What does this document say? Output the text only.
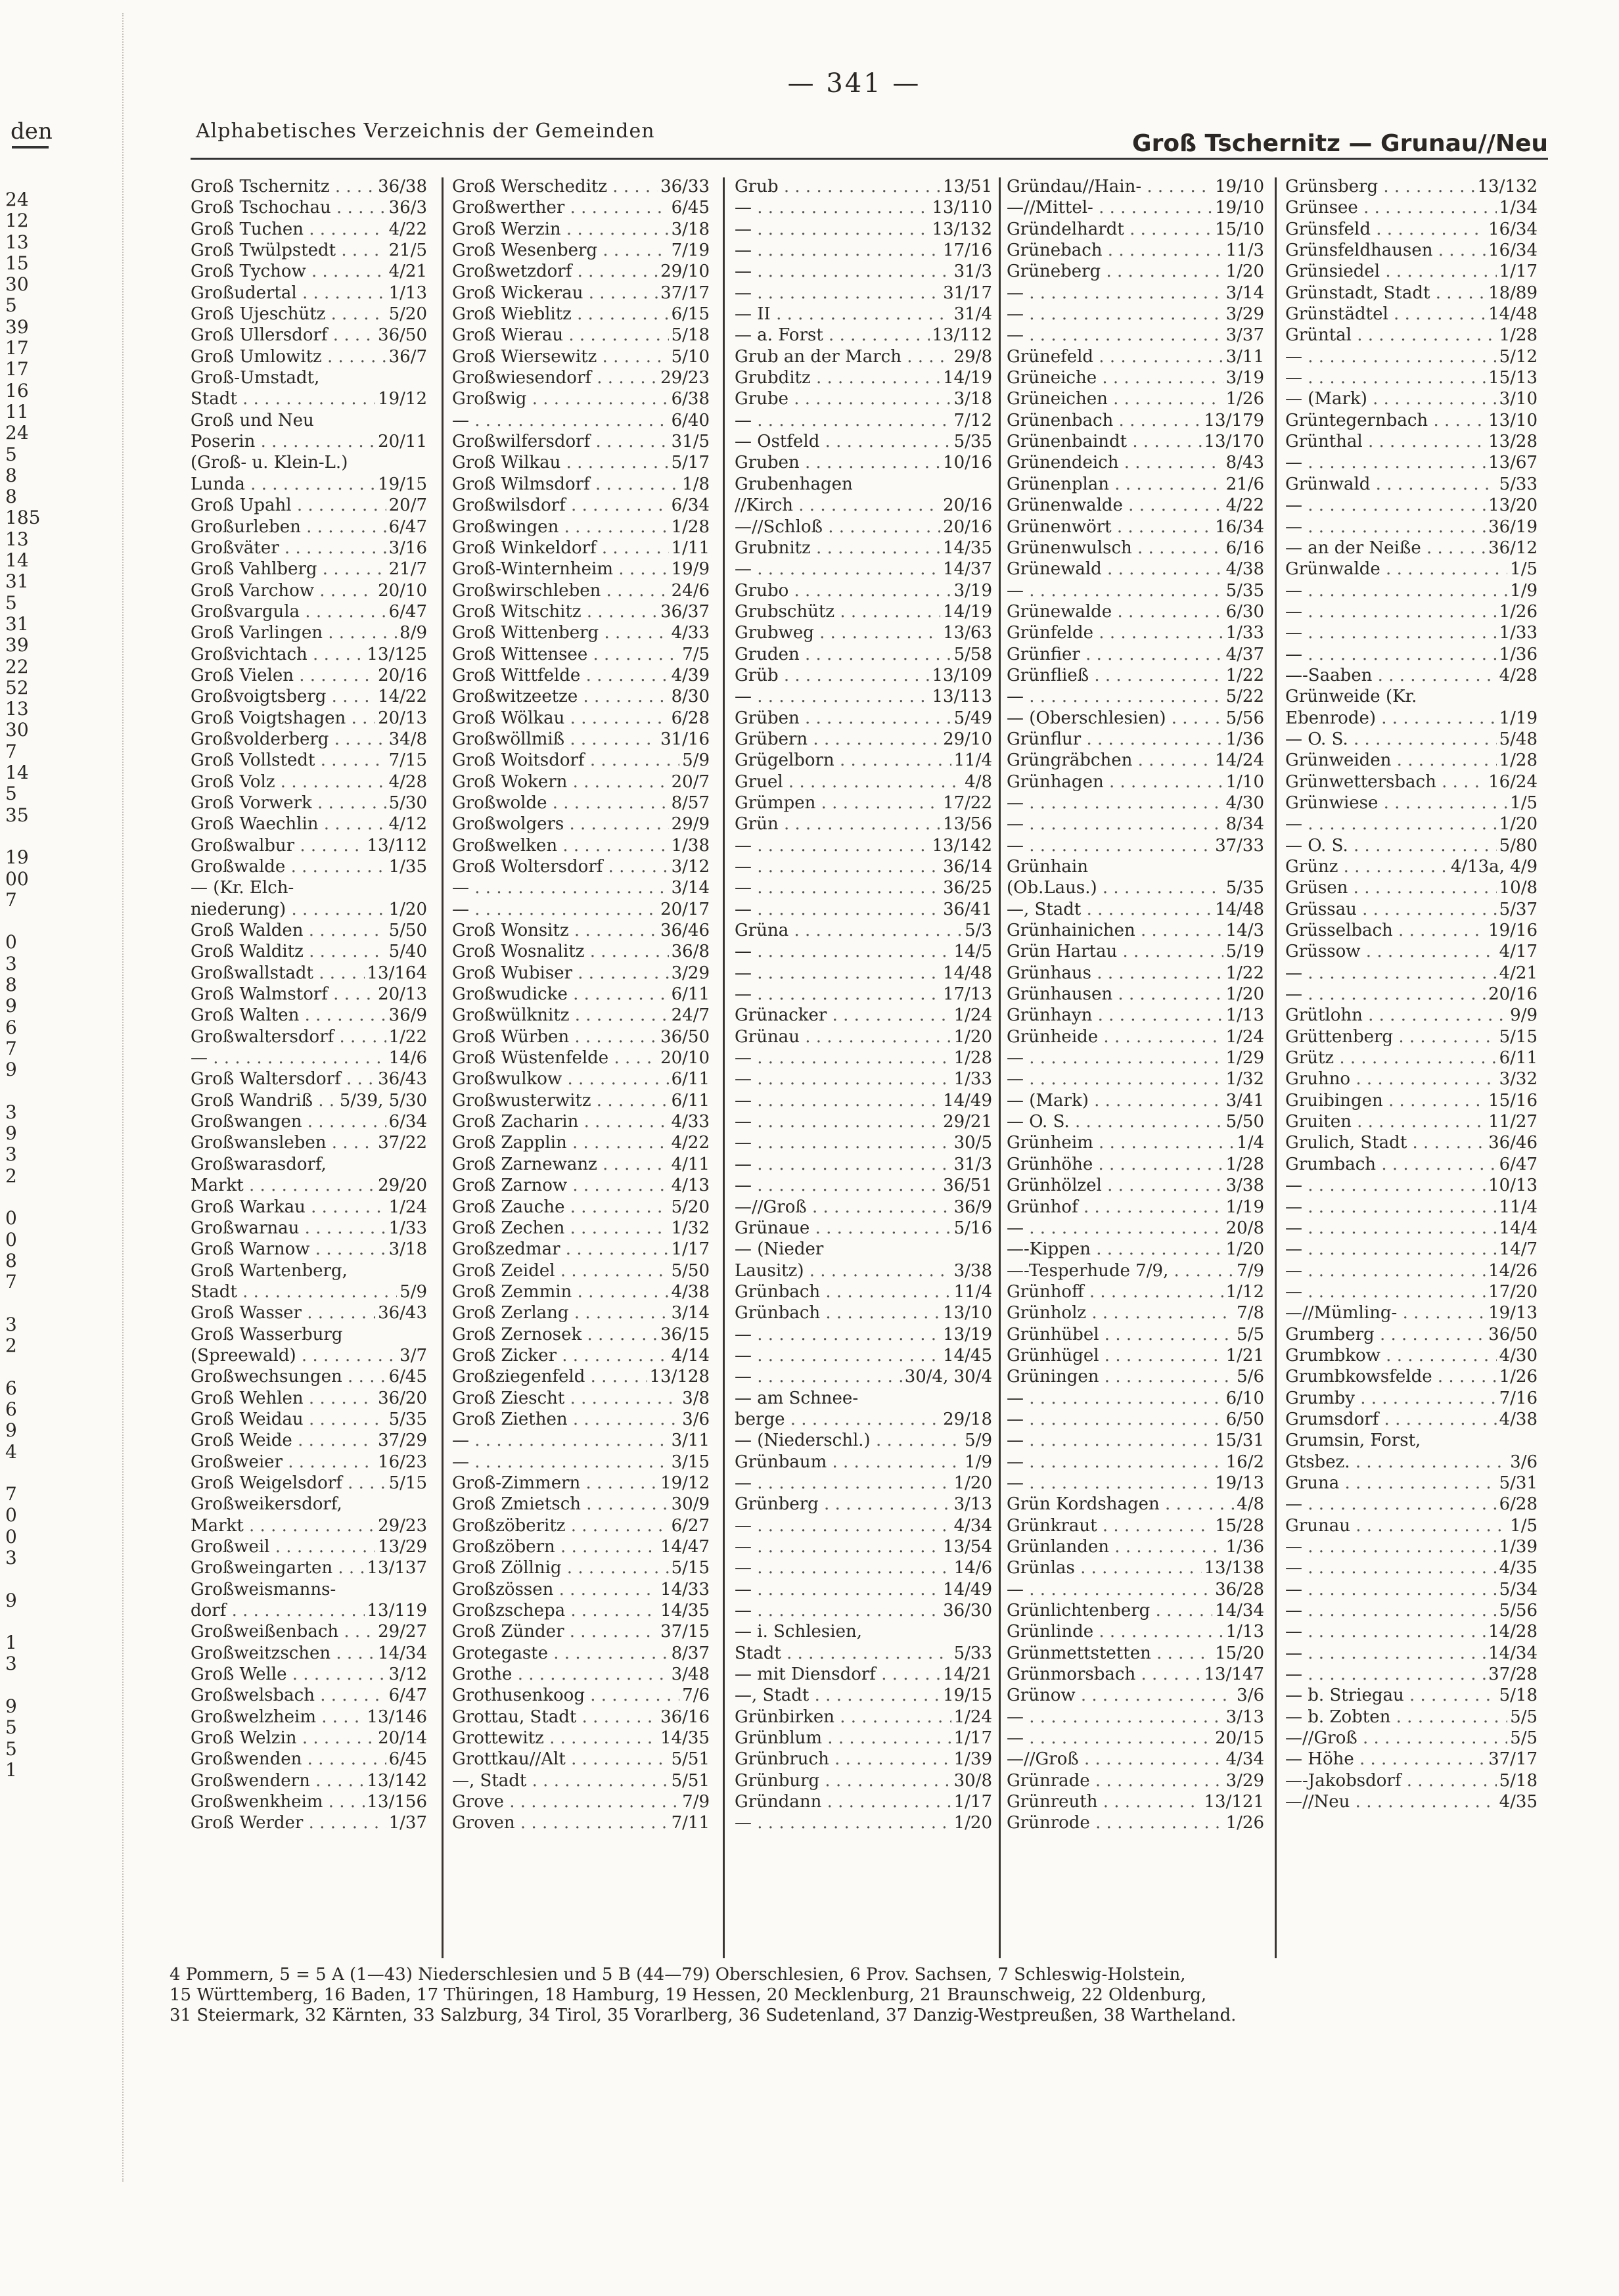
den
24
12
13
15
30
5
39
17
17
16
11
24
5
8
8
185
13
14
31
5
31
39
22
52
13
30
7
14
5
35
19
00
7
0
3
8
9
6
7
9
3
9
3
2
0
0
8
7
3
2
6
6
9
4
7
0
0
3
9
1
3
9
5
5
1
— 341 —
Alphabetisches Verzeichnis der Gemeinden	Groß Tschernitz — Grunau//Neu
Groß Tschernitz . . .	36/38
Groß Tschochau . . .	36/3
Groß Tuchen . . .	4/22
Groß Twülpstedt . . .	21/5
Groß Tychow . . .	4/21
Großudertal . . .	1/13
Groß Ujeschütz . . .	5/20
Groß Ullersdorf . . .	36/50
Groß Umlowitz . . .	36/7
Groß-Umstadt,
Stadt . . .	19/12
Groß und Neu
Poserin . . .	20/11
(Groß- u. Klein-L.)
Lunda . . .	19/15
Groß Upahl . . .	20/7
Großurleben . . .	6/47
Großväter . . .	3/16
Groß Vahlberg . . .	21/7
Groß Varchow . . .	20/10
Großvargula . . .	6/47
Groß Varlingen . . .	8/9
Großvichtach . . .	13/125
Groß Vielen . . .	20/16
Großvoigtsberg . . .	14/22
Groß Voigtshagen . . .	20/13
Großvolderberg . . .	34/8
Groß Vollstedt . . .	7/15
Groß Volz . . .	4/28
Groß Vorwerk . . .	5/30
Groß Waechlin . . .	4/12
Großwalbur . . .	13/112
Großwalde . . .	1/35
— (Kr. Elch-
niederung) . . .	1/20
Groß Walden . . .	5/50
Groß Walditz . . .	5/40
Großwallstadt . . .	13/164
Groß Walmstorf . . .	20/13
Groß Walten . . .	36/9
Großwaltersdorf . . .	1/22
— . . .	14/6
Groß Waltersdorf . . .	36/43
Groß Wandriß . . .	5/39, 5/30
Großwangen . . .	6/34
Großwansleben . . .	37/22
Großwarasdorf,
Markt . . .	29/20
Groß Warkau . . .	1/24
Großwarnau . . .	1/33
Groß Warnow . . .	3/18
Groß Wartenberg,
Stadt . . .	5/9
Groß Wasser . . .	36/43
Groß Wasserburg
(Spreewald) . . .	3/7
Großwechsungen . . .	6/45
Groß Wehlen . . .	36/20
Groß Weidau . . .	5/35
Groß Weide . . .	37/29
Großweier . . .	16/23
Groß Weigelsdorf . . .	5/15
Großweikersdorf,
Markt . . .	29/23
Großweil . . .	13/29
Großweingarten . . .	13/137
Großweismanns-
dorf . . .	13/119
Großweißenbach . . .	29/27
Großweitzschen . . .	14/34
Groß Welle . . .	3/12
Großwelsbach . . .	6/47
Großwelzheim . . .	13/146
Groß Welzin . . .	20/14
Großwenden . . .	6/45
Großwendern . . .	13/142
Großwenkheim . . .	13/156
Groß Werder . . .	1/37
Groß Werscheditz . . .	36/33
Großwerther . . .	6/45
Groß Werzin . . .	3/18
Groß Wesenberg . . .	7/19
Großwetzdorf . . .	29/10
Groß Wickerau . . .	37/17
Groß Wieblitz . . .	6/15
Groß Wierau . . .	5/18
Groß Wiersewitz . . .	5/10
Großwiesendorf . . .	29/23
Großwig . . .	6/38
— . . .	6/40
Großwilfersdorf . . .	31/5
Groß Wilkau . . .	5/17
Groß Wilmsdorf . . .	1/8
Großwilsdorf . . .	6/34
Großwingen . . .	1/28
Groß Winkeldorf . . .	1/11
Groß-Winternheim . . .	19/9
Großwirschleben . . .	24/6
Groß Witschitz . . .	36/37
Groß Wittenberg . . .	4/33
Groß Wittensee . . .	7/5
Groß Wittfelde . . .	4/39
Großwitzeetze . . .	8/30
Groß Wölkau . . .	6/28
Großwöllmiß . . .	31/16
Groß Woitsdorf . . .	5/9
Groß Wokern . . .	20/7
Großwolde . . .	8/57
Großwolgers . . .	29/9
Großwelken . . .	1/38
Groß Woltersdorf . . .	3/12
— . . .	3/14
— . . .	20/17
Groß Wonsitz . . .	36/46
Groß Wosnalitz . . .	36/8
Groß Wubiser . . .	3/29
Großwudicke . . .	6/11
Großwülknitz . . .	24/7
Groß Würben . . .	36/50
Groß Wüstenfelde . . .	20/10
Großwulkow . . .	6/11
Großwusterwitz . . .	6/11
Groß Zacharin . . .	4/33
Groß Zapplin . . .	4/22
Groß Zarnewanz . . .	4/11
Groß Zarnow . . .	4/13
Groß Zauche . . .	5/20
Groß Zechen . . .	1/32
Großzedmar . . .	1/17
Groß Zeidel . . .	5/50
Groß Zemmin . . .	4/38
Groß Zerlang . . .	3/14
Groß Zernosek . . .	36/15
Groß Zicker . . .	4/14
Großziegenfeld . . .	13/128
Groß Ziescht . . .	3/8
Groß Ziethen . . .	3/6
— . . .	3/11
— . . .	3/15
Groß-Zimmern . . .	19/12
Groß Zmietsch . . .	30/9
Großzöberitz . . .	6/27
Großzöbern . . .	14/47
Groß Zöllnig . . .	5/15
Großzössen . . .	14/33
Großzschepa . . .	14/35
Groß Zünder . . .	37/15
Grotegaste . . .	8/37
Grothe . . .	3/48
Grothusenkoog . . .	7/6
Grottau, Stadt . . .	36/16
Grottewitz . . .	14/35
Grottkau//Alt . . .	5/51
—, Stadt . . .	5/51
Grove . . .	7/9
Groven . . .	7/11
Grub . . .	13/51
— . . .	13/110
— . . .	13/132
— . . .	17/16
— . . .	31/3
— . . .	31/17
— II . . .	31/4
— a. Forst . . .	13/112
Grub an der March . . .	29/8
Grubditz . . .	14/19
Grube . . .	3/18
— . . .	7/12
— Ostfeld . . .	5/35
Gruben . . .	10/16
Grubenhagen
//Kirch . . .	20/16
—//Schloß . . .	20/16
Grubnitz . . .	14/35
— . . .	14/37
Grubo . . .	3/19
Grubschütz . . .	14/19
Grubweg . . .	13/63
Gruden . . .	5/58
Grüb . . .	13/109
— . . .	13/113
Grüben . . .	5/49
Grübern . . .	29/10
Grügelborn . . .	11/4
Gruel . . .	4/8
Grümpen . . .	17/22
Grün . . .	13/56
— . . .	13/142
— . . .	36/14
— . . .	36/25
— . . .	36/41
Grüna . . .	5/3
— . . .	14/5
— . . .	14/48
— . . .	17/13
Grünacker . . .	1/24
Grünau . . .	1/20
— . . .	1/28
— . . .	1/33
— . . .	14/49
— . . .	29/21
— . . .	30/5
— . . .	31/3
— . . .	36/51
—//Groß . . .	36/9
Grünaue . . .	5/16
— (Nieder
Lausitz) . . .	3/38
Grünbach . . .	11/4
Grünbach . . .	13/10
— . . .	13/19
— . . .	14/45
— . . .	30/4, 30/4
— am Schnee-
berge . . .	29/18
— (Niederschl.) . . .	5/9
Grünbaum . . .	1/9
— . . .	1/20
Grünberg . . .	3/13
— . . .	4/34
— . . .	13/54
— . . .	14/6
— . . .	14/49
— . . .	36/30
— i. Schlesien,
Stadt . . .	5/33
— mit Diensdorf . . .	14/21
—, Stadt . . .	19/15
Grünbirken . . .	1/24
Grünblum . . .	1/17
Grünbruch . . .	1/39
Grünburg . . .	30/8
Gründann . . .	1/17
— . . .	1/20
Gründau//Hain- . . .	19/10
—//Mittel- . . .	19/10
Gründelhardt . . .	15/10
Grünebach . . .	11/3
Grüneberg . . .	1/20
— . . .	3/14
— . . .	3/29
— . . .	3/37
Grünefeld . . .	3/11
Grüneiche . . .	3/19
Grüneichen . . .	1/26
Grünenbach . . .	13/179
Grünenbaindt . . .	13/170
Grünendeich . . .	8/43
Grünenplan . . .	21/6
Grünenwalde . . .	4/22
Grünenwört . . .	16/34
Grünenwulsch . . .	6/16
Grünewald . . .	4/38
— . . .	5/35
Grünewalde . . .	6/30
Grünfelde . . .	1/33
Grünfier . . .	4/37
Grünfließ . . .	1/22
— . . .	5/22
— (Oberschlesien) . . .	5/56
Grünflur . . .	1/36
Grüngräbchen . . .	14/24
Grünhagen . . .	1/10
— . . .	4/30
— . . .	8/34
— . . .	37/33
Grünhain
(Ob.Laus.) . . .	5/35
—, Stadt . . .	14/48
Grünhainichen . . .	14/3
Grün Hartau . . .	5/19
Grünhaus . . .	1/22
Grünhausen . . .	1/20
Grünhayn . . .	1/13
Grünheide . . .	1/24
— . . .	1/29
— . . .	1/32
— (Mark) . . .	3/41
— O. S. . . .	5/50
Grünheim . . .	1/4
Grünhöhe . . .	1/28
Grünhölzel . . .	3/38
Grünhof . . .	1/19
— . . .	20/8
—-Kippen . . .	1/20
—-Tesperhude 7/9, . . .	7/9
Grünhoff . . .	1/12
Grünholz . . .	7/8
Grünhübel . . .	5/5
Grünhügel . . .	1/21
Grüningen . . .	5/6
— . . .	6/10
— . . .	6/50
— . . .	15/31
— . . .	16/2
— . . .	19/13
Grün Kordshagen . . .	4/8
Grünkraut . . .	15/28
Grünlanden . . .	1/36
Grünlas . . .	13/138
— . . .	36/28
Grünlichtenberg . . .	14/34
Grünlinde . . .	1/13
Grünmettstetten . . .	15/20
Grünmorsbach . . .	13/147
Grünow . . .	3/6
— . . .	3/13
— . . .	20/15
—//Groß . . .	4/34
Grünrade . . .	3/29
Grünreuth . . .	13/121
Grünrode . . .	1/26
Grünsberg . . .	13/132
Grünsee . . .	1/34
Grünsfeld . . .	16/34
Grünsfeldhausen . . .	16/34
Grünsiedel . . .	1/17
Grünstadt, Stadt . . .	18/89
Grünstädtel . . .	14/48
Grüntal . . .	1/28
— . . .	5/12
— . . .	15/13
— (Mark) . . .	3/10
Grüntegernbach . . .	13/10
Grünthal . . .	13/28
— . . .	13/67
Grünwald . . .	5/33
— . . .	13/20
— . . .	36/19
— an der Neiße . . .	36/12
Grünwalde . . .	1/5
— . . .	1/9
— . . .	1/26
— . . .	1/33
— . . .	1/36
—-Saaben . . .	4/28
Grünweide (Kr.
Ebenrode) . . .	1/19
— O. S. . . .	5/48
Grünweiden . . .	1/28
Grünwettersbach . . .	16/24
Grünwiese . . .	1/5
— . . .	1/20
— O. S. . . .	5/80
Grünz . . .	4/13a, 4/9
Grüsen . . .	10/8
Grüssau . . .	5/37
Grüsselbach . . .	19/16
Grüssow . . .	4/17
— . . .	4/21
— . . .	20/16
Grütlohn . . .	9/9
Grüttenberg . . .	5/15
Grütz . . .	6/11
Gruhno . . .	3/32
Gruibingen . . .	15/16
Gruiten . . .	11/27
Grulich, Stadt . . .	36/46
Grumbach . . .	6/47
— . . .	10/13
— . . .	11/4
— . . .	14/4
— . . .	14/7
— . . .	14/26
— . . .	17/20
—//Mümling- . . .	19/13
Grumberg . . .	36/50
Grumbkow . . .	4/30
Grumbkowsfelde . . .	1/26
Grumby . . .	7/16
Grumsdorf . . .	4/38
Grumsin, Forst,
Gtsbez. . . .	3/6
Gruna . . .	5/31
— . . .	6/28
Grunau . . .	1/5
— . . .	1/39
— . . .	4/35
— . . .	5/34
— . . .	5/56
— . . .	14/28
— . . .	14/34
— . . .	37/28
— b. Striegau . . .	5/18
— b. Zobten . . .	5/5
—//Groß . . .	5/5
— Höhe . . .	37/17
—-Jakobsdorf . . .	5/18
—//Neu . . .	4/35
4 Pommern, 5 = 5 A (1—43) Niederschlesien und 5 B (44—79) Oberschlesien, 6 Prov. Sachsen, 7 Schleswig-Holstein,
15 Württemberg, 16 Baden, 17 Thüringen, 18 Hamburg, 19 Hessen, 20 Mecklenburg, 21 Braunschweig, 22 Oldenburg,
31 Steiermark, 32 Kärnten, 33 Salzburg, 34 Tirol, 35 Vorarlberg, 36 Sudetenland, 37 Danzig-Westpreußen, 38 Wartheland.
